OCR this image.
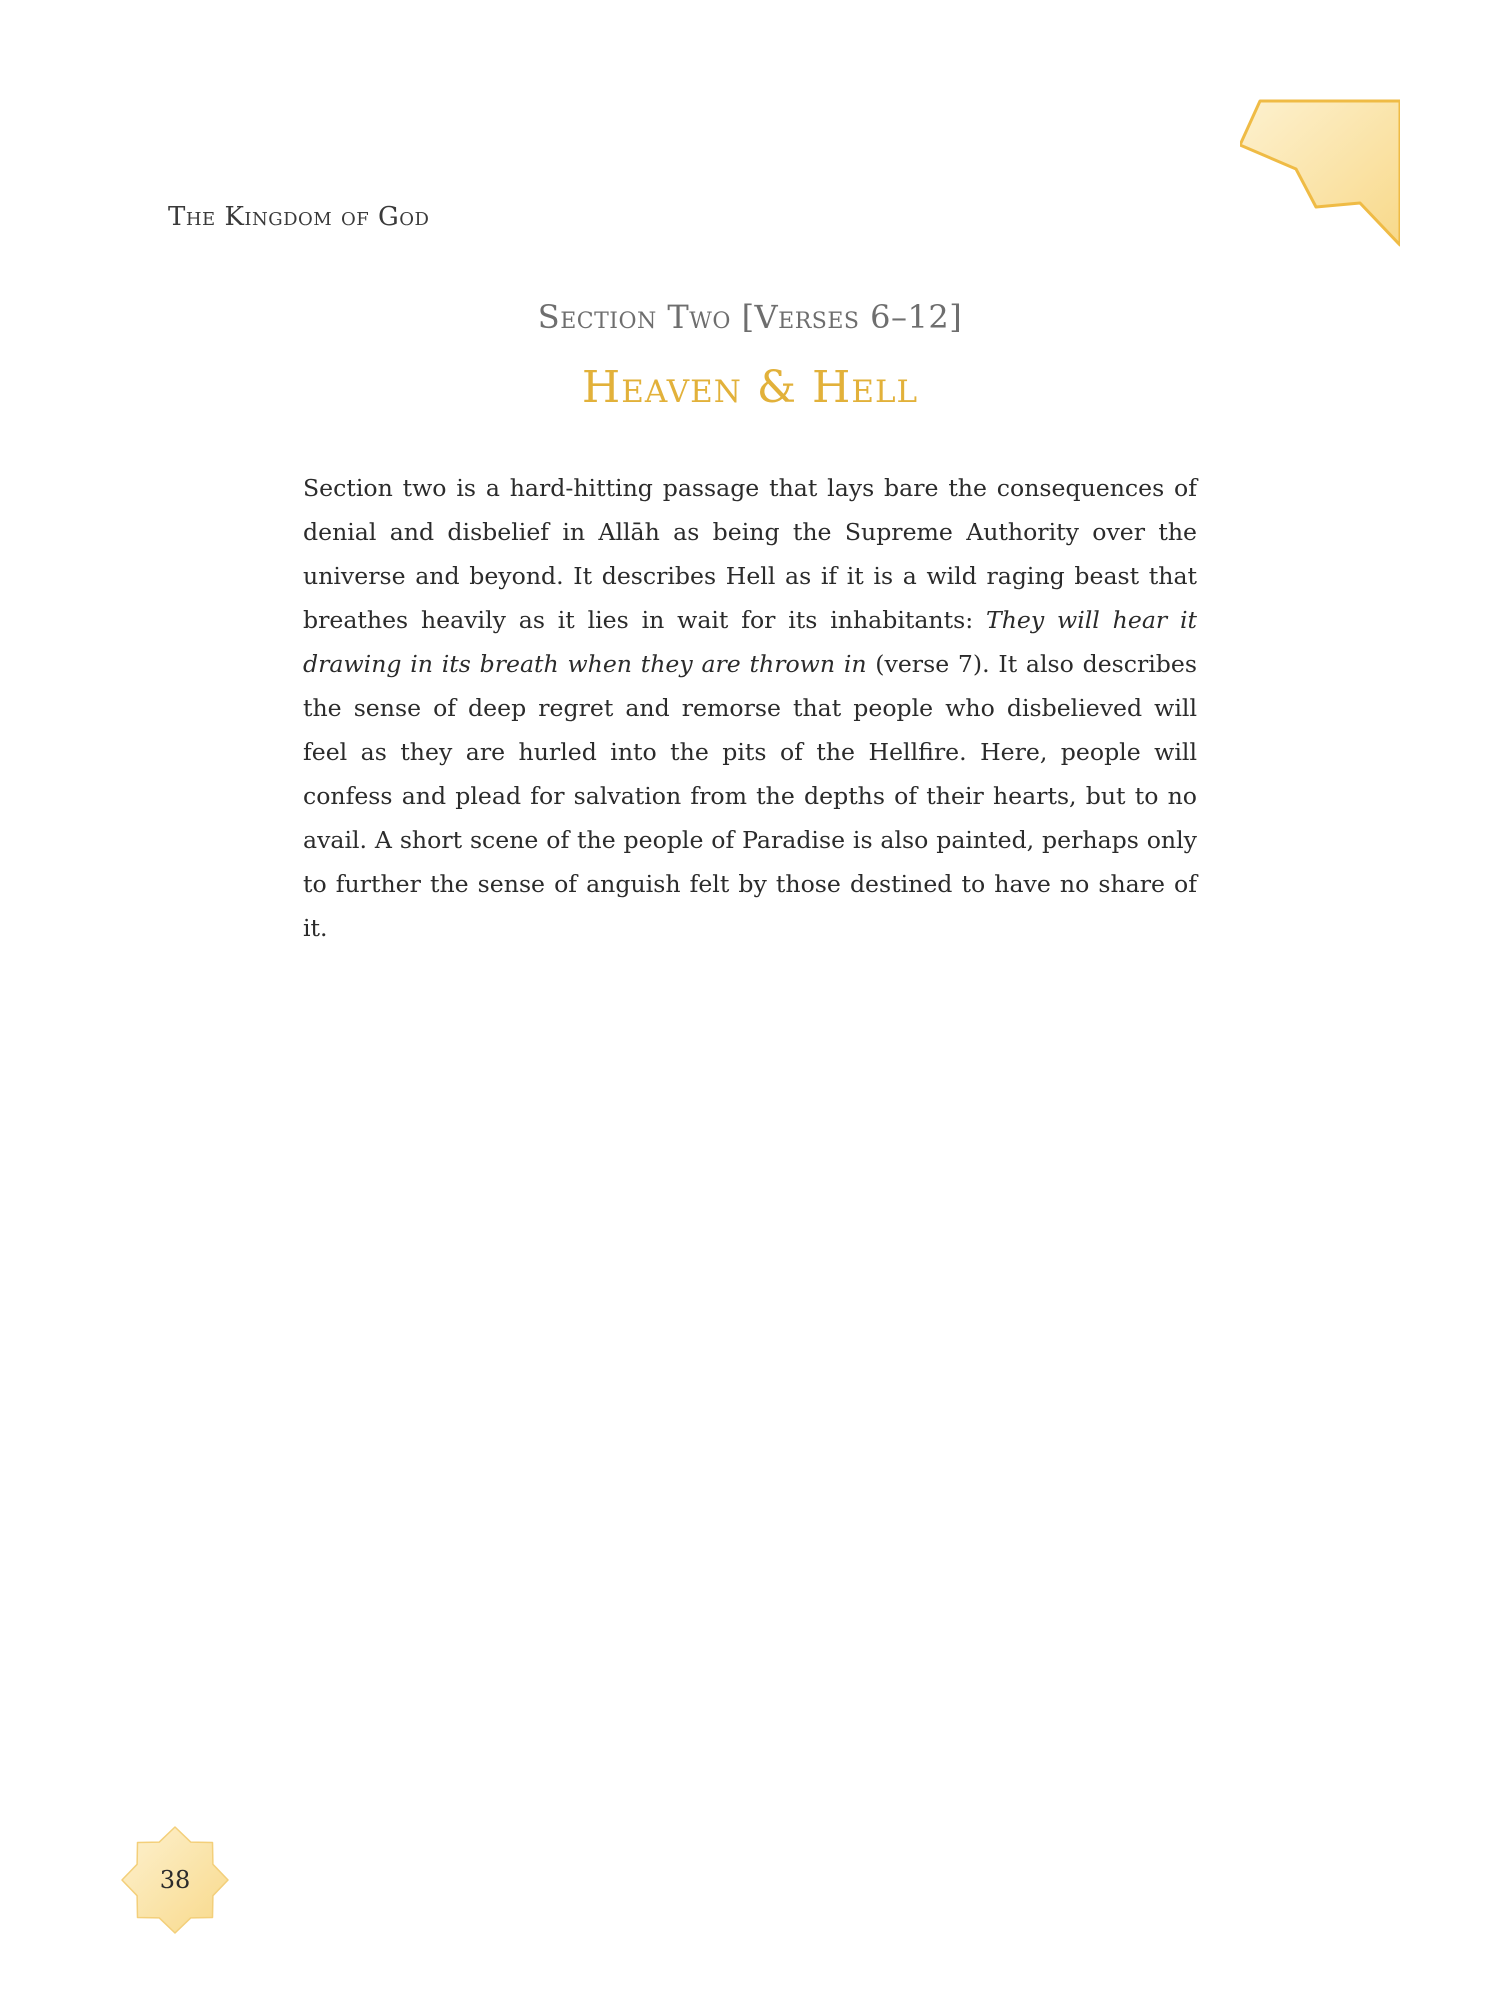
The Kingdom of God
Section Two [Verses 6–12]
Heaven & Hell

Section two is a hard-hitting passage that lays bare the consequences of denial and disbelief in Allāh as being the Supreme Authority over the universe and beyond. It describes Hell as if it is a wild raging beast that breathes heavily as it lies in wait for its inhabitants: They will hear it drawing in its breath when they are thrown in (verse 7). It also describes the sense of deep regret and remorse that people who disbelieved will feel as they are hurled into the pits of the Hellfire. Here, people will confess and plead for salvation from the depths of their hearts, but to no avail. A short scene of the people of Paradise is also painted, perhaps only to further the sense of anguish felt by those destined to have no share of it.

38
